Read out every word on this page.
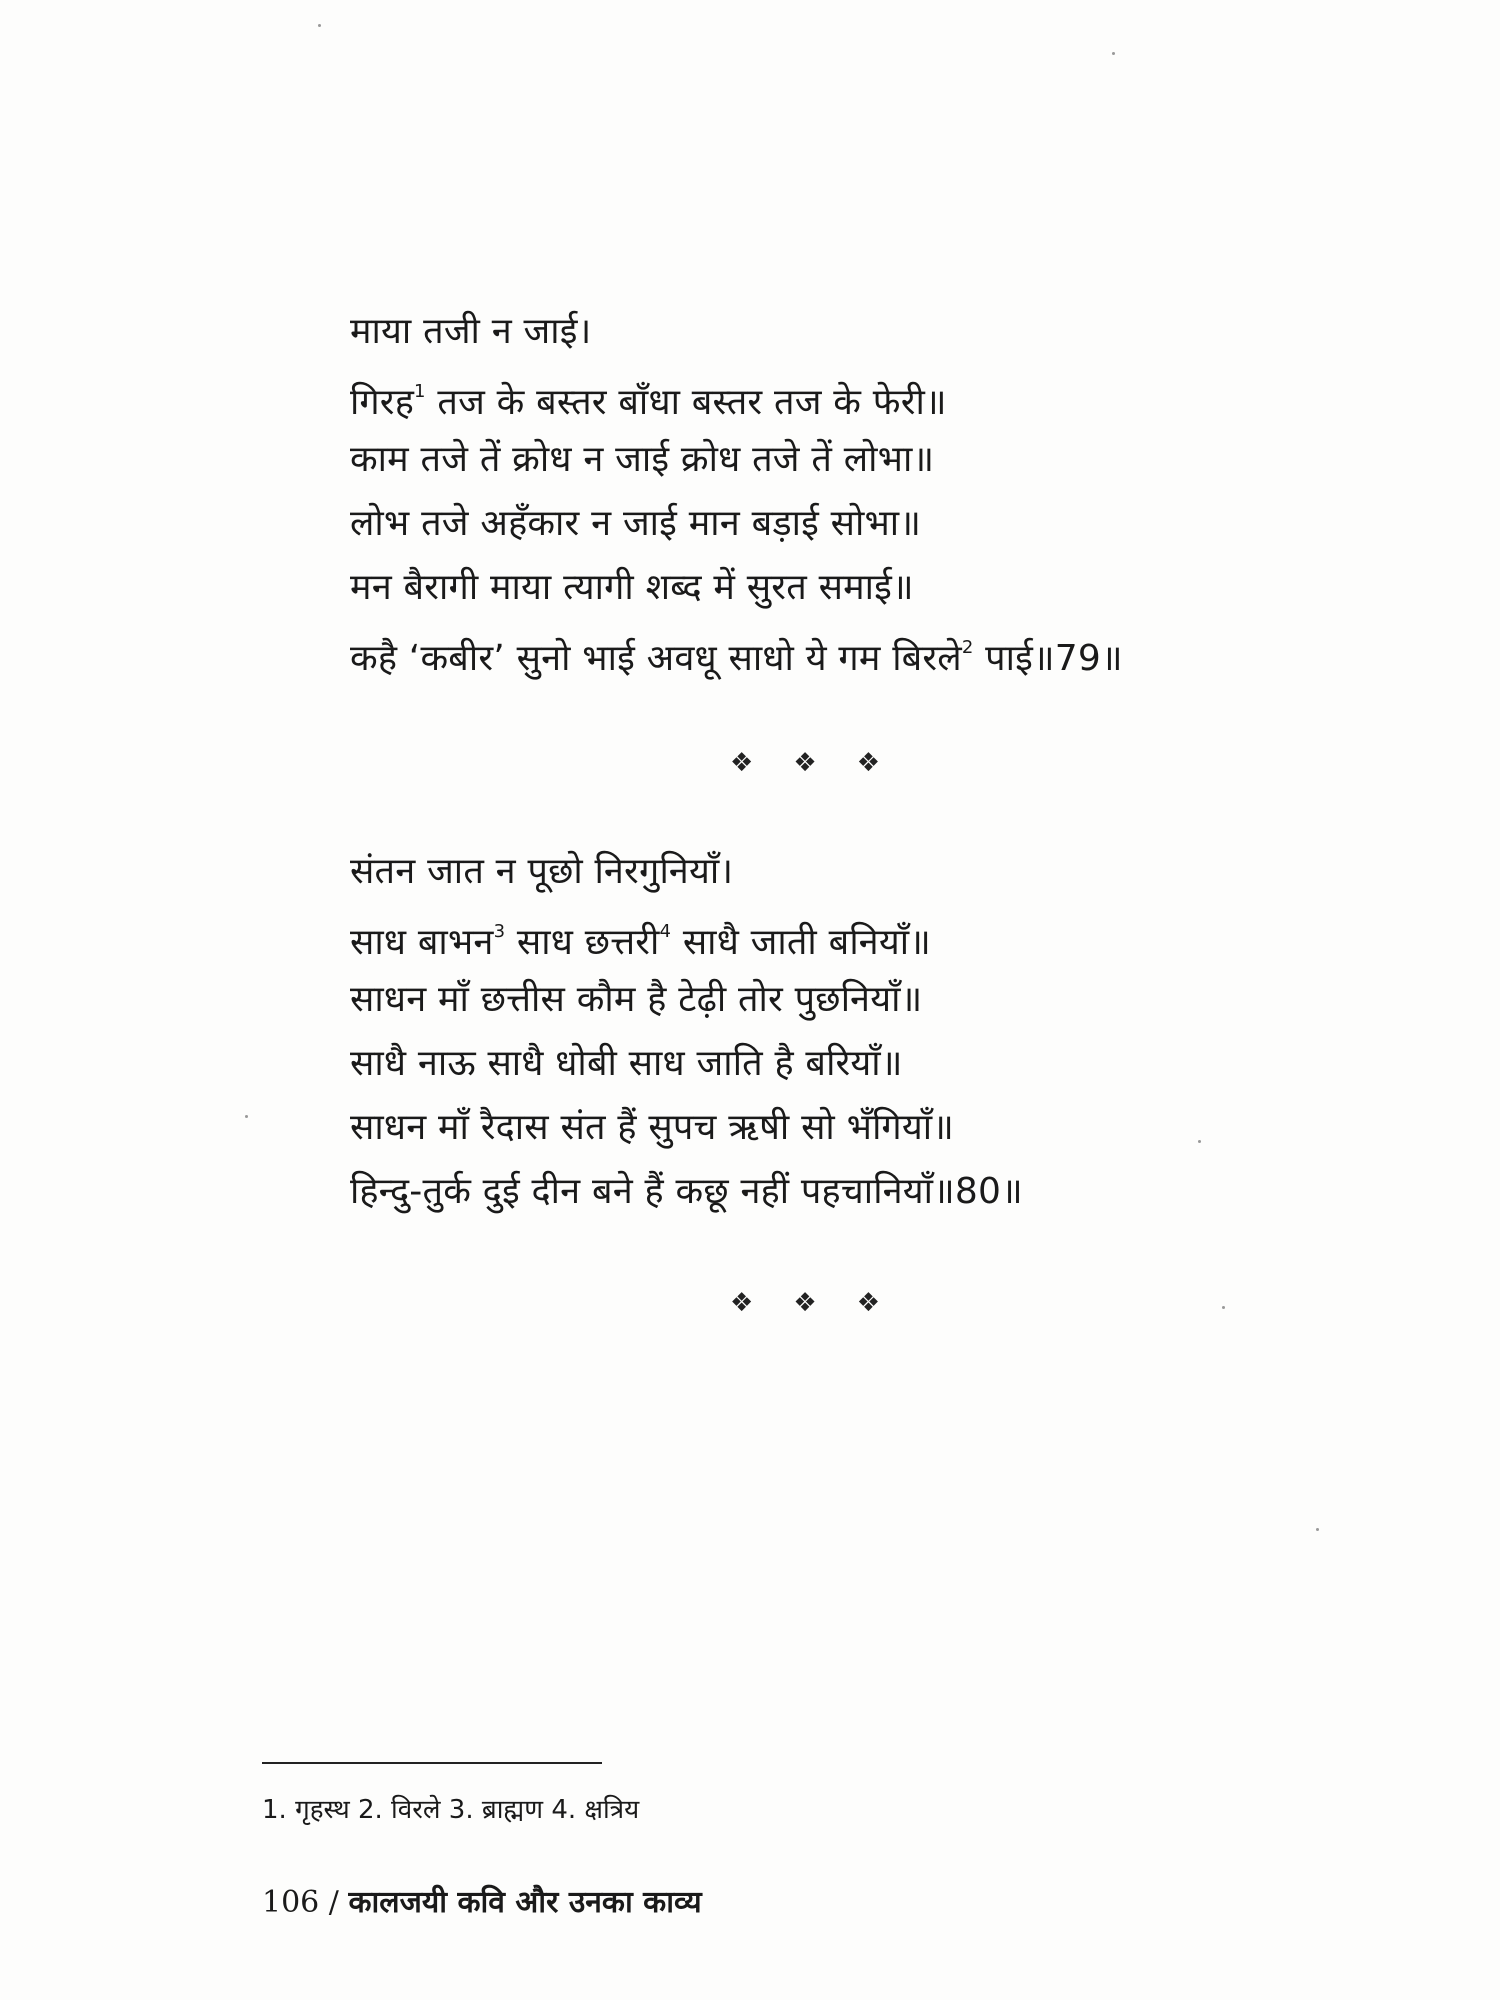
माया तजी न जाई।
गिरह$^1$ तज के बस्तर बाँधा बस्तर तज के फेरी॥
काम तजे तें क्रोध न जाई क्रोध तजे तें लोभा॥
लोभ तजे अहँकार न जाई मान बड़ाई सोभा॥
मन बैरागी माया त्यागी शब्द में सुरत समाई॥
कहै ‘कबीर’ सुनो भाई अवधू साधो ये गम बिरले$^2$ पाई॥79॥
❖ ❖ ❖
संतन जात न पूछो निरगुनियाँ।
साध बाभन$^3$ साध छत्तरी$^4$ साधै जाती बनियाँ॥
साधन माँ छत्तीस कौम है टेढ़ी तोर पुछनियाँ॥
साधै नाऊ साधै धोबी साध जाति है बरियाँ॥
साधन माँ रैदास संत हैं सुपच ऋषी सो भँगियाँ॥
हिन्दु-तुर्क दुई दीन बने हैं कछू नहीं पहचानियाँ॥80॥
❖ ❖ ❖
1. गृहस्थ 2. विरले 3. ब्राह्मण 4. क्षत्रिय
106 / कालजयी कवि और उनका काव्य
